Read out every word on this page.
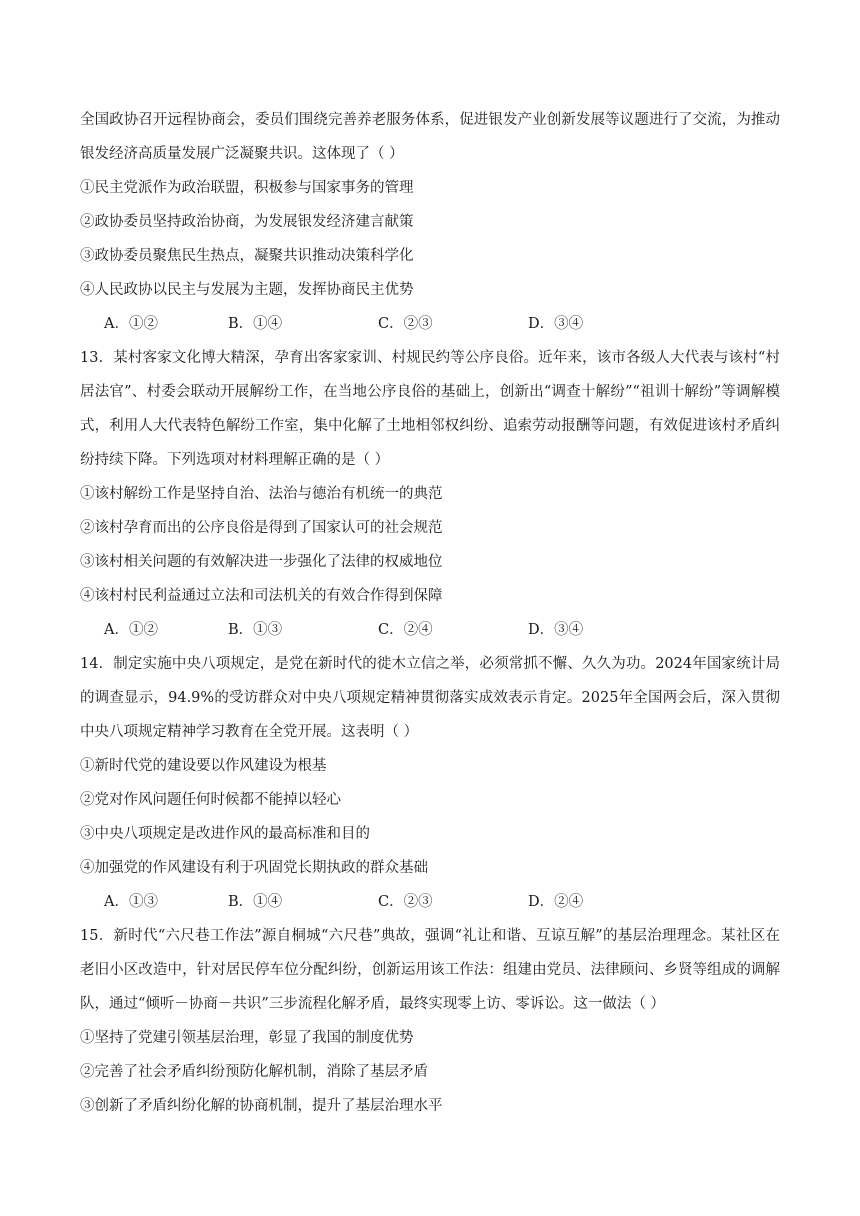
全国政协召开远程协商会，委员们围绕完善养老服务体系，促进银发产业创新发展等议题进行了交流，为推动银发经济高质量发展广泛凝聚共识。这体现了（ ）

①民主党派作为政治联盟，积极参与国家事务的管理

②政协委员坚持政治协商，为发展银发经济建言献策

③政协委员聚焦民生热点，凝聚共识推动决策科学化

④人民政协以民主与发展为主题，发挥协商民主优势

A．①②	B．①④	C．②③	D．③④

13．某村客家文化博大精深，孕育出客家家训、村规民约等公序良俗。近年来，该市各级人大代表与该村“村居法官”、村委会联动开展解纷工作，在当地公序良俗的基础上，创新出“调查十解纷”“祖训十解纷”等调解模式，利用人大代表特色解纷工作室，集中化解了土地相邻权纠纷、追索劳动报酬等问题，有效促进该村矛盾纠纷持续下降。下列选项对材料理解正确的是（ ）

①该村解纷工作是坚持自治、法治与德治有机统一的典范

②该村孕育而出的公序良俗是得到了国家认可的社会规范

③该村相关问题的有效解决进一步强化了法律的权威地位

④该村村民利益通过立法和司法机关的有效合作得到保障

A．①②	B．①③	C．②④	D．③④

14．制定实施中央八项规定，是党在新时代的徙木立信之举，必须常抓不懈、久久为功。2024年国家统计局的调查显示，94.9%的受访群众对中央八项规定精神贯彻落实成效表示肯定。2025年全国两会后，深入贯彻中央八项规定精神学习教育在全党开展。这表明（ ）

①新时代党的建设要以作风建设为根基

②党对作风问题任何时候都不能掉以轻心

③中央八项规定是改进作风的最高标准和目的

④加强党的作风建设有利于巩固党长期执政的群众基础

A．①③	B．①④	C．②③	D．②④

15．新时代“六尺巷工作法”源自桐城“六尺巷”典故，强调“礼让和谐、互谅互解”的基层治理理念。某社区在老旧小区改造中，针对居民停车位分配纠纷，创新运用该工作法：组建由党员、法律顾问、乡贤等组成的调解队，通过“倾听－协商－共识”三步流程化解矛盾，最终实现零上访、零诉讼。这一做法（ ）

①坚持了党建引领基层治理，彰显了我国的制度优势

②完善了社会矛盾纠纷预防化解机制，消除了基层矛盾

③创新了矛盾纠纷化解的协商机制，提升了基层治理水平
